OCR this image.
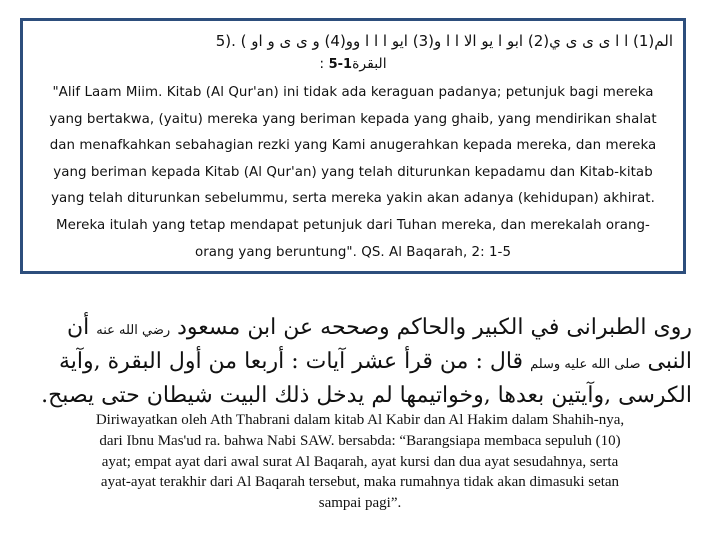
الم(1) ا ا ى ى ى ي(2) ابو ا يو الا ا ا و(3) ايو ا ا ا وو(4) و ى ى و او ) .(5
البقرة1-5 :
"Alif Laam Miim. Kitab (Al Qur'an) ini tidak ada keraguan padanya; petunjuk bagi mereka
yang bertakwa, (yaitu) mereka yang beriman kepada yang ghaib, yang mendirikan shalat
dan menafkahkan sebahagian rezki yang Kami anugerahkan kepada mereka, dan mereka
yang beriman kepada Kitab (Al Qur'an) yang telah diturunkan kepadamu dan Kitab-kitab
yang telah diturunkan sebelummu, serta mereka yakin akan adanya (kehidupan) akhirat.
Mereka itulah yang tetap mendapat petunjuk dari Tuhan mereka, dan merekalah orang-
orang yang beruntung". QS. Al Baqarah, 2: 1-5
روى الطبرانى في الكبير والحاكم وصححه عن ابن مسعود رضي الله عنه أن
النبى صلى الله عليه وسلم قال : من قرأ عشر آيات : أربعا من أول البقرة ,وآية
الكرسى ,وآيتين بعدها ,وخواتيمها لم يدخل ذلك البيت شيطان حتى يصبح.
Diriwayatkan oleh Ath Thabrani dalam kitab Al Kabir dan Al Hakim dalam Shahih-nya,
dari Ibnu Mas'ud ra. bahwa Nabi SAW. bersabda: “Barangsiapa membaca sepuluh (10)
ayat; empat ayat dari awal surat Al Baqarah, ayat kursi dan dua ayat sesudahnya, serta
ayat-ayat terakhir dari Al Baqarah tersebut, maka rumahnya tidak akan dimasuki setan
sampai pagi”.
